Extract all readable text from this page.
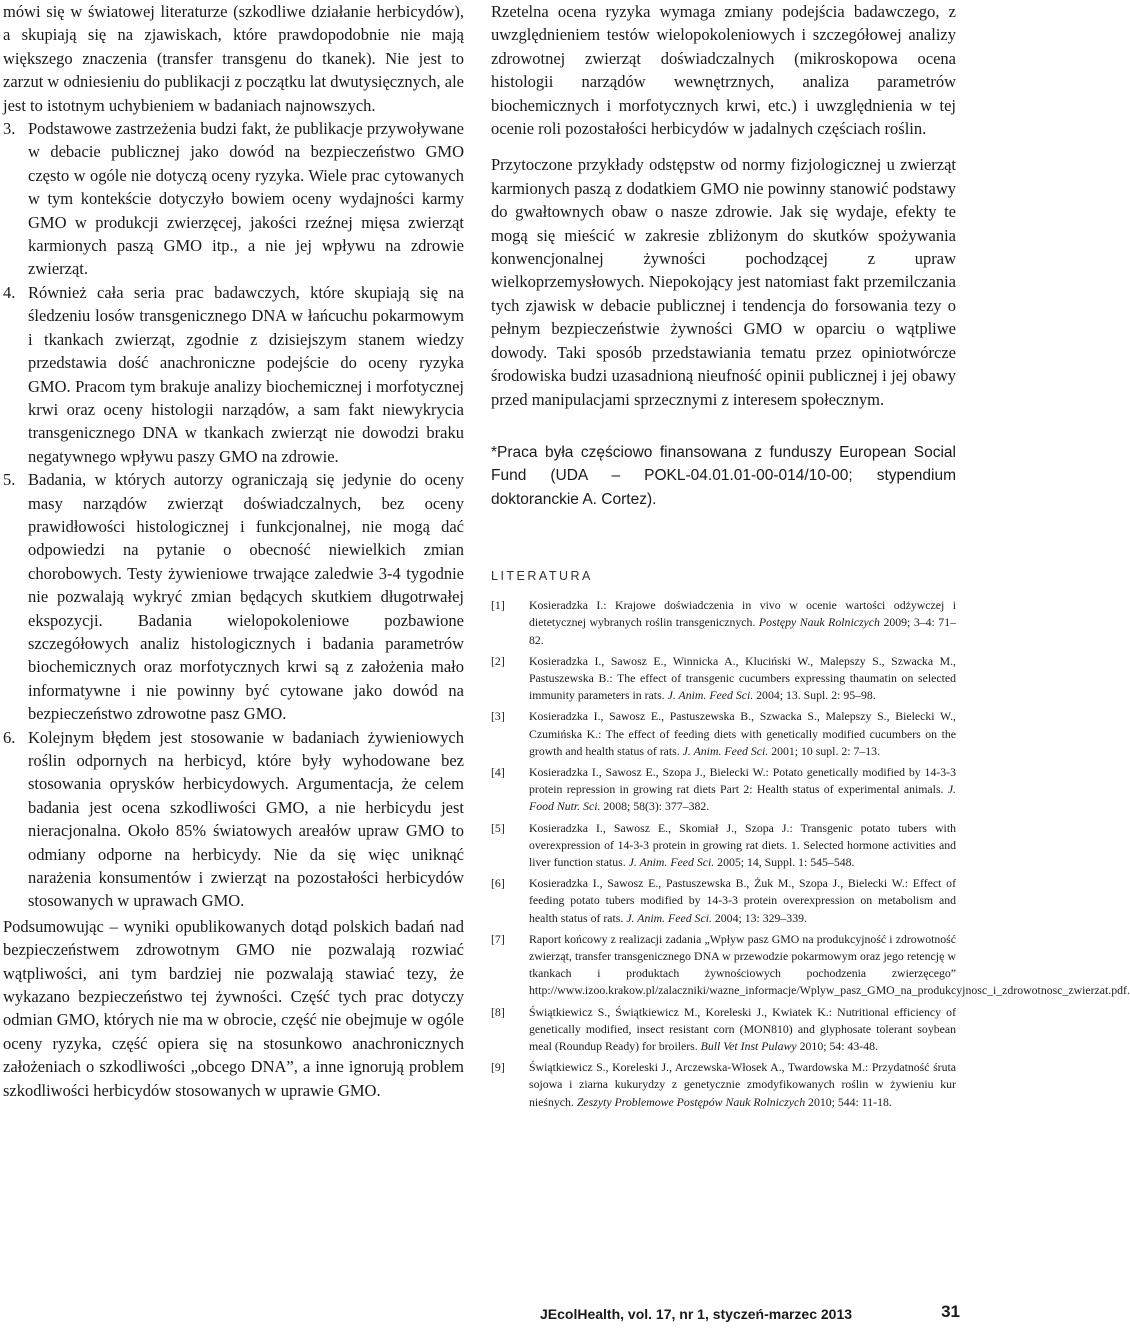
mówi się w światowej literaturze (szkodliwe działanie herbicydów), a skupiają się na zjawiskach, które prawdopodobnie nie mają większego znaczenia (transfer transgenu do tkanek). Nie jest to zarzut w odniesieniu do publikacji z początku lat dwutysięcznych, ale jest to istotnym uchybieniem w badaniach najnowszych.

3. Podstawowe zastrzeżenia budzi fakt, że publikacje przywoływane w debacie publicznej jako dowód na bezpieczeństwo GMO często w ogóle nie dotyczą oceny ryzyka. Wiele prac cytowanych w tym kontekście dotyczyło bowiem oceny wydajności karmy GMO w produkcji zwierzęcej, jakości rzeźnej mięsa zwierząt karmionych paszą GMO itp., a nie jej wpływu na zdrowie zwierząt.

4. Również cała seria prac badawczych, które skupiają się na śledzeniu losów transgenicznego DNA w łańcuchu pokarmowym i tkankach zwierząt, zgodnie z dzisiejszym stanem wiedzy przedstawia dość anachroniczne podejście do oceny ryzyka GMO. Pracom tym brakuje analizy biochemicznej i morfotycznej krwi oraz oceny histologii narządów, a sam fakt niewykrycia transgenicznego DNA w tkankach zwierząt nie dowodzi braku negatywnego wpływu paszy GMO na zdrowie.

5. Badania, w których autorzy ograniczają się jedynie do oceny masy narządów zwierząt doświadczalnych, bez oceny prawidłowości histologicznej i funkcjonalnej, nie mogą dać odpowiedzi na pytanie o obecność niewielkich zmian chorobowych. Testy żywieniowe trwające zaledwie 3-4 tygodnie nie pozwalają wykryć zmian będących skutkiem długotrwałej ekspozycji. Badania wielopokoleniowe pozbawione szczegółowych analiz histologicznych i badania parametrów biochemicznych oraz morfotycznych krwi są z założenia mało informatywne i nie powinny być cytowane jako dowód na bezpieczeństwo zdrowotne pasz GMO.

6. Kolejnym błędem jest stosowanie w badaniach żywieniowych roślin odpornych na herbicyd, które były wyhodowane bez stosowania oprysków herbicydowych. Argumentacja, że celem badania jest ocena szkodliwości GMO, a nie herbicydu jest nieracjonalna. Około 85% światowych areałów upraw GMO to odmiany odporne na herbicydy. Nie da się więc uniknąć narażenia konsumentów i zwierząt na pozostałości herbicydów stosowanych w uprawach GMO.

Podsumowując – wyniki opublikowanych dotąd polskich badań nad bezpieczeństwem zdrowotnym GMO nie pozwalają rozwiać wątpliwości, ani tym bardziej nie pozwalają stawiać tezy, że wykazano bezpieczeństwo tej żywności. Część tych prac dotyczy odmian GMO, których nie ma w obrocie, część nie obejmuje w ogóle oceny ryzyka, część opiera się na stosunkowo anachronicznych założeniach o szkodliwości „obcego DNA”, a inne ignorują problem szkodliwości herbicydów stosowanych w uprawie GMO.

Rzetelna ocena ryzyka wymaga zmiany podejścia badawczego, z uwzględnieniem testów wielopokoleniowych i szczegółowej analizy zdrowotnej zwierząt doświadczalnych (mikroskopowa ocena histologii narządów wewnętrznych, analiza parametrów biochemicznych i morfotycznych krwi, etc.) i uwzględnienia w tej ocenie roli pozostałości herbicydów w jadalnych częściach roślin.

Przytoczone przykłady odstępstw od normy fizjologicznej u zwierząt karmionych paszą z dodatkiem GMO nie powinny stanowić podstawy do gwałtownych obaw o nasze zdrowie. Jak się wydaje, efekty te mogą się mieścić w zakresie zbliżonym do skutków spożywania konwencjonalnej żywności pochodzącej z upraw wielkoprzemysłowych. Niepokojący jest natomiast fakt przemilczania tych zjawisk w debacie publicznej i tendencja do forsowania tezy o pełnym bezpieczeństwie żywności GMO w oparciu o wątpliwe dowody. Taki sposób przedstawiania tematu przez opiniotwórcze środowiska budzi uzasadnioną nieufność opinii publicznej i jej obawy przed manipulacjami sprzecznymi z interesem społecznym.

*Praca była częściowo finansowana z funduszy European Social Fund (UDA – POKL-04.01.01-00-014/10-00; stypendium doktoranckie A. Cortez).

LITERATURA
[1] Kosieradzka I.: Krajowe doświadczenia in vivo w ocenie wartości odżywczej i dietetycznej wybranych roślin transgenicznych. Postępy Nauk Rolniczych 2009; 3–4: 71–82.
[2] Kosieradzka I., Sawosz E., Winnicka A., Kluciński W., Malepszy S., Szwacka M., Pastuszewska B.: The effect of transgenic cucumbers expressing thaumatin on selected immunity parameters in rats. J. Anim. Feed Sci. 2004; 13. Supl. 2: 95–98.
[3] Kosieradzka I., Sawosz E., Pastuszewska B., Szwacka S., Malepszy S., Bielecki W., Czumińska K.: The effect of feeding diets with genetically modified cucumbers on the growth and health status of rats. J. Anim. Feed Sci. 2001; 10 supl. 2: 7–13.
[4] Kosieradzka I., Sawosz E., Szopa J., Bielecki W.: Potato genetically modified by 14-3-3 protein repression in growing rat diets Part 2: Health status of experimental animals. J. Food Nutr. Sci. 2008; 58(3): 377–382.
[5] Kosieradzka I., Sawosz E., Skomiał J., Szopa J.: Transgenic potato tubers with overexpression of 14-3-3 protein in growing rat diets. 1. Selected hormone activities and liver function status. J. Anim. Feed Sci. 2005; 14, Suppl. 1: 545–548.
[6] Kosieradzka I., Sawosz E., Pastuszewska B., Żuk M., Szopa J., Bielecki W.: Effect of feeding potato tubers modified by 14-3-3 protein overexpression on metabolism and health status of rats. J. Anim. Feed Sci. 2004; 13: 329–339.
[7] Raport końcowy z realizacji zadania „Wpływ pasz GMO na produkcyjność i zdrowotność zwierząt, transfer transgenicznego DNA w przewodzie pokarmowym oraz jego retencję w tkankach i produktach żywnościowych pochodzenia zwierzęcego” http://www.izoo.krakow.pl/zalaczniki/wazne_informacje/Wplyw_pasz_GMO_na_produkcyjnosc_i_zdrowotnosc_zwierzat.pdf.
[8] Świątkiewicz S., Świątkiewicz M., Koreleski J., Kwiatek K.: Nutritional efficiency of genetically modified, insect resistant corn (MON810) and glyphosate tolerant soybean meal (Roundup Ready) for broilers. Bull Vet Inst Pulawy 2010; 54: 43-48.
[9] Świątkiewicz S., Koreleski J., Arczewska-Włosek A., Twardowska M.: Przydatność śruta sojowa i ziarna kukurydzy z genetycznie zmodyfikowanych roślin w żywieniu kur nieśnych. Zeszyty Problemowe Postępów Nauk Rolniczych 2010; 544: 11-18.
JEcolHealth, vol. 17, nr 1, styczeń-marzec 2013	31
